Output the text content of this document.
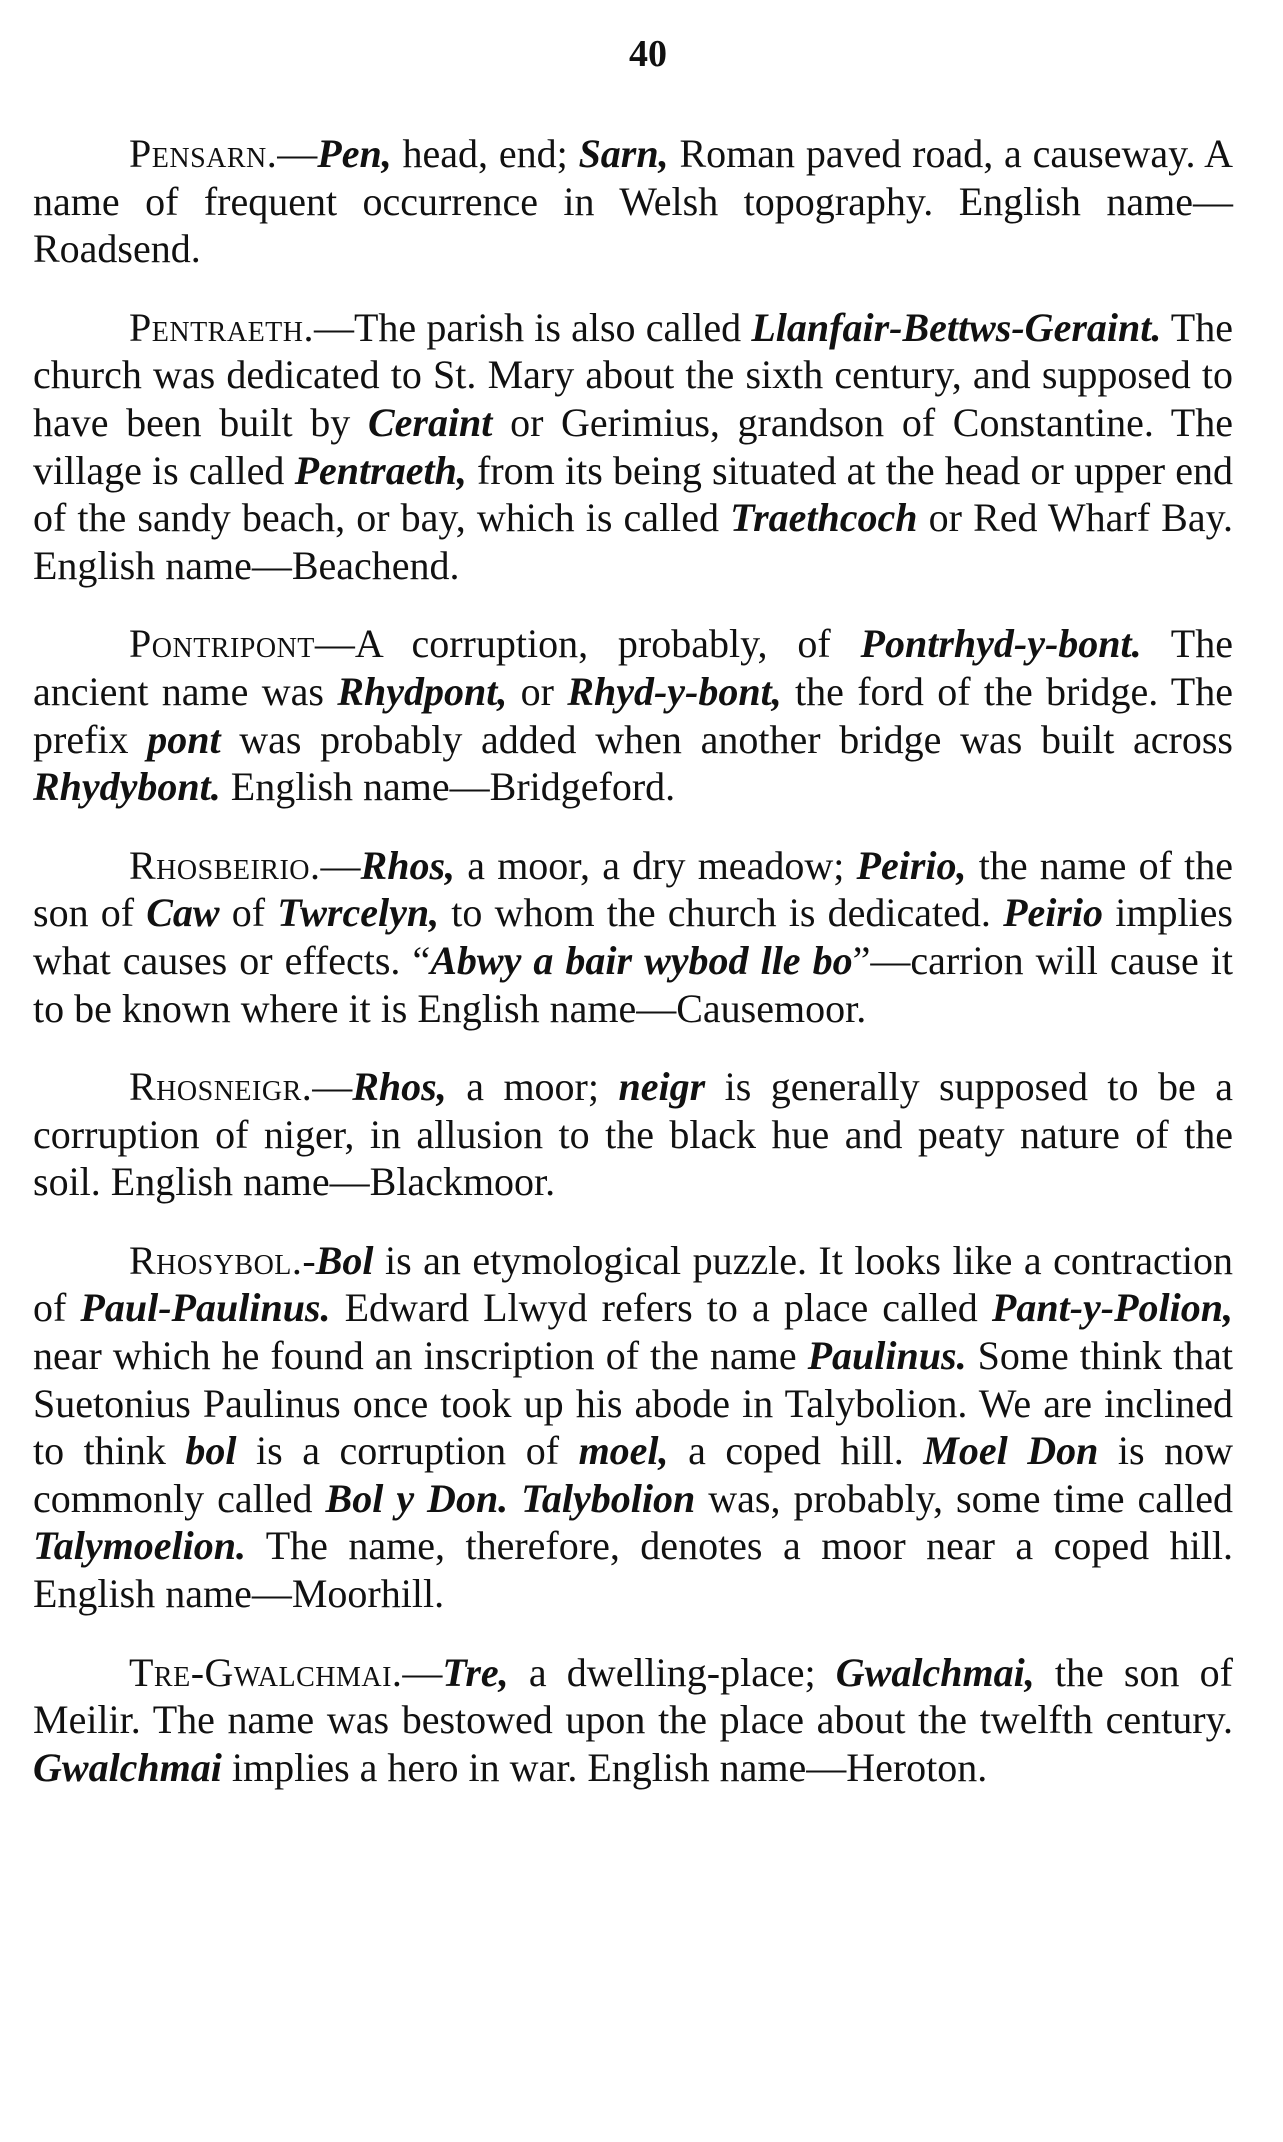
40

Pensarn.—Pen, head, end; Sarn, Roman paved road, a causeway. A name of frequent occurrence in Welsh topography. English name—Roadsend.

Pentraeth.—The parish is also called Llanfair-Bettws-Geraint. The church was dedicated to St. Mary about the sixth century, and supposed to have been built by Ceraint or Gerimius, grandson of Constantine. The village is called Pentraeth, from its being situated at the head or upper end of the sandy beach, or bay, which is called Traethcoch or Red Wharf Bay. English name—Beachend.

Pontripont—A corruption, probably, of Pontrhyd-y-bont. The ancient name was Rhydpont, or Rhyd-y-bont, the ford of the bridge. The prefix pont was probably added when another bridge was built across Rhydybont. English name—Bridgeford.

Rhosbeirio.—Rhos, a moor, a dry meadow; Peirio, the name of the son of Caw of Twrcelyn, to whom the church is dedicated. Peirio implies what causes or effects. “Abwy a bair wybod lle bo”—carrion will cause it to be known where it is English name—Causemoor.

Rhosneigr.—Rhos, a moor; neigr is generally supposed to be a corruption of niger, in allusion to the black hue and peaty nature of the soil. English name—Blackmoor.

Rhosybol.-Bol is an etymological puzzle. It looks like a contraction of Paul-Paulinus. Edward Llwyd refers to a place called Pant-y-Polion, near which he found an inscription of the name Paulinus. Some think that Suetonius Paulinus once took up his abode in Talybolion. We are inclined to think bol is a corruption of moel, a coped hill. Moel Don is now commonly called Bol y Don. Talybolion was, probably, some time called Talymoelion. The name, therefore, denotes a moor near a coped hill. English name—Moorhill.

Tre-Gwalchmai.—Tre, a dwelling-place; Gwalchmai, the son of Meilir. The name was bestowed upon the place about the twelfth century. Gwalchmai implies a hero in war. English name—Heroton.
